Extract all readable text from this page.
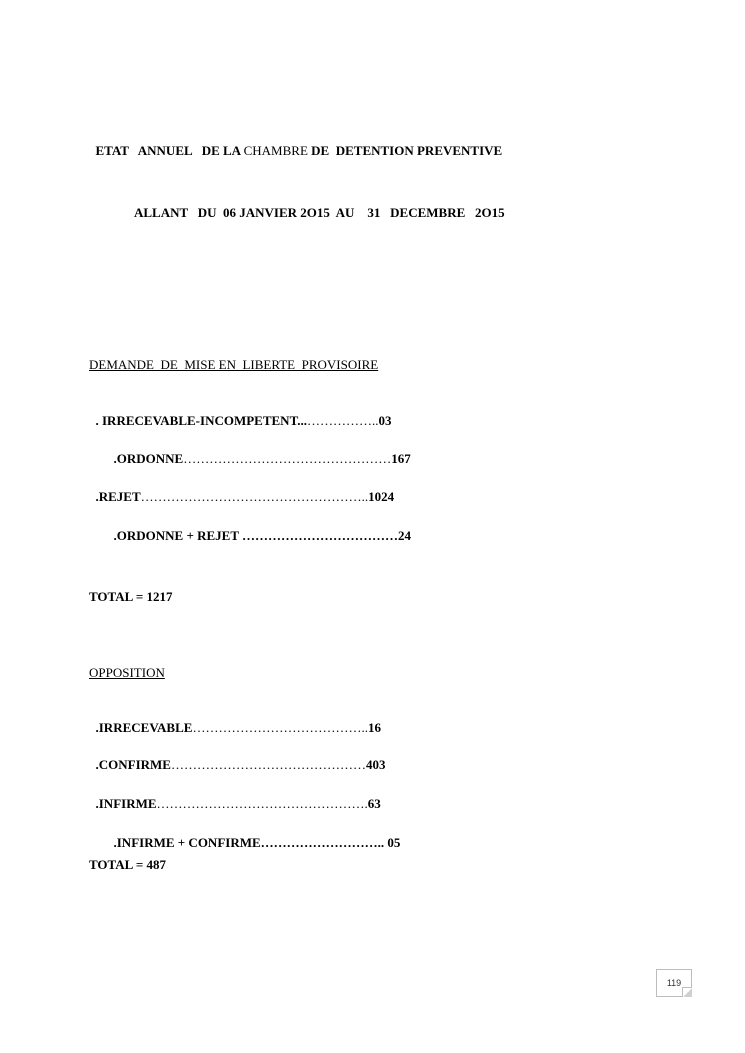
ETAT   ANNUEL   DE LA CHAMBRE DE  DETENTION PREVENTIVE

ALLANT   DU  06 JANVIER 2O15  AU    31   DECEMBRE   2O15
DEMANDE  DE  MISE EN  LIBERTE  PROVISOIRE

. IRRECEVABLE-INCOMPETENT...……………..03

.ORDONNE…………………………………………167

.REJET……………………………………………..1024

.ORDONNE + REJET ………………………………24

TOTAL = 1217
OPPOSITION

.IRRECEVABLE…………………………………..16

.CONFIRME………………………………………403

.INFIRME………………………………………….63

.INFIRME + CONFIRME……………………….. 05

TOTAL = 487
119
